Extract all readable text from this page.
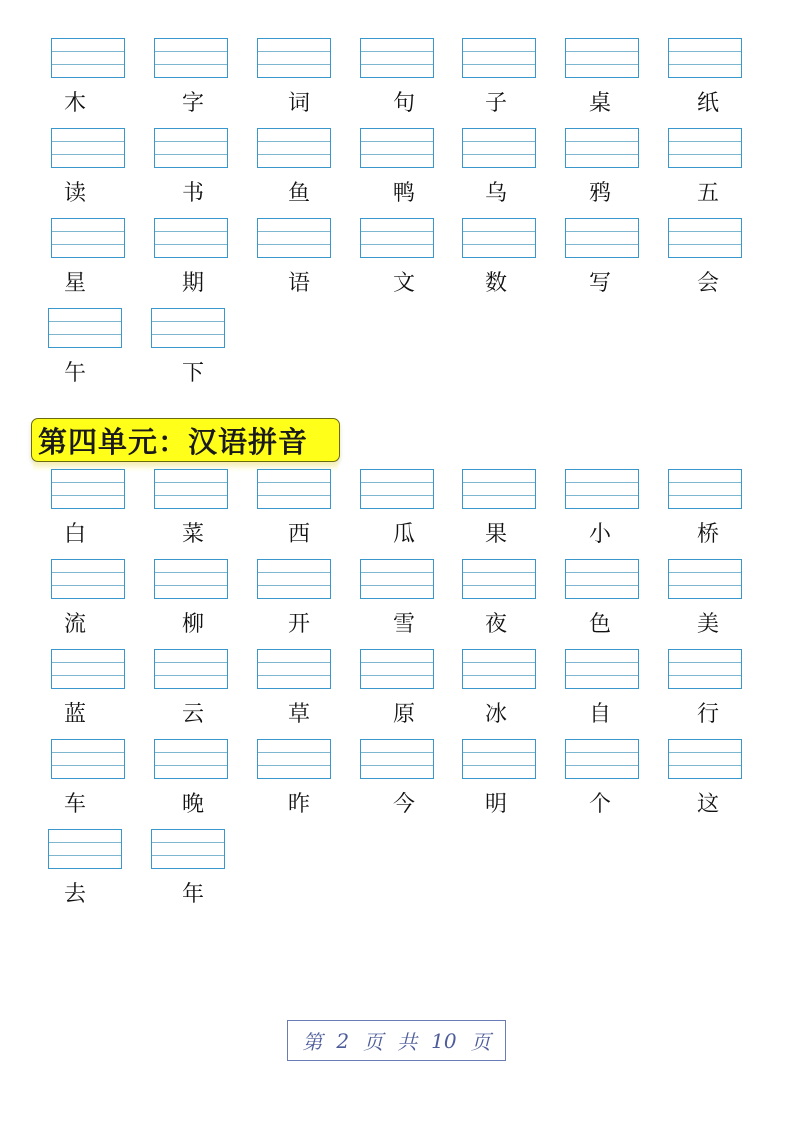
木	字	词	句	子	桌	纸
读	书	鱼	鸭	乌	鸦	五
星	期	语	文	数	写	会
午	下
第四单元：汉语拼音
白	菜	西	瓜	果	小	桥
流	柳	开	雪	夜	色	美
蓝	云	草	原	冰	自	行
车	晚	昨	今	明	个	这
去	年
第 2 页 共 10 页
